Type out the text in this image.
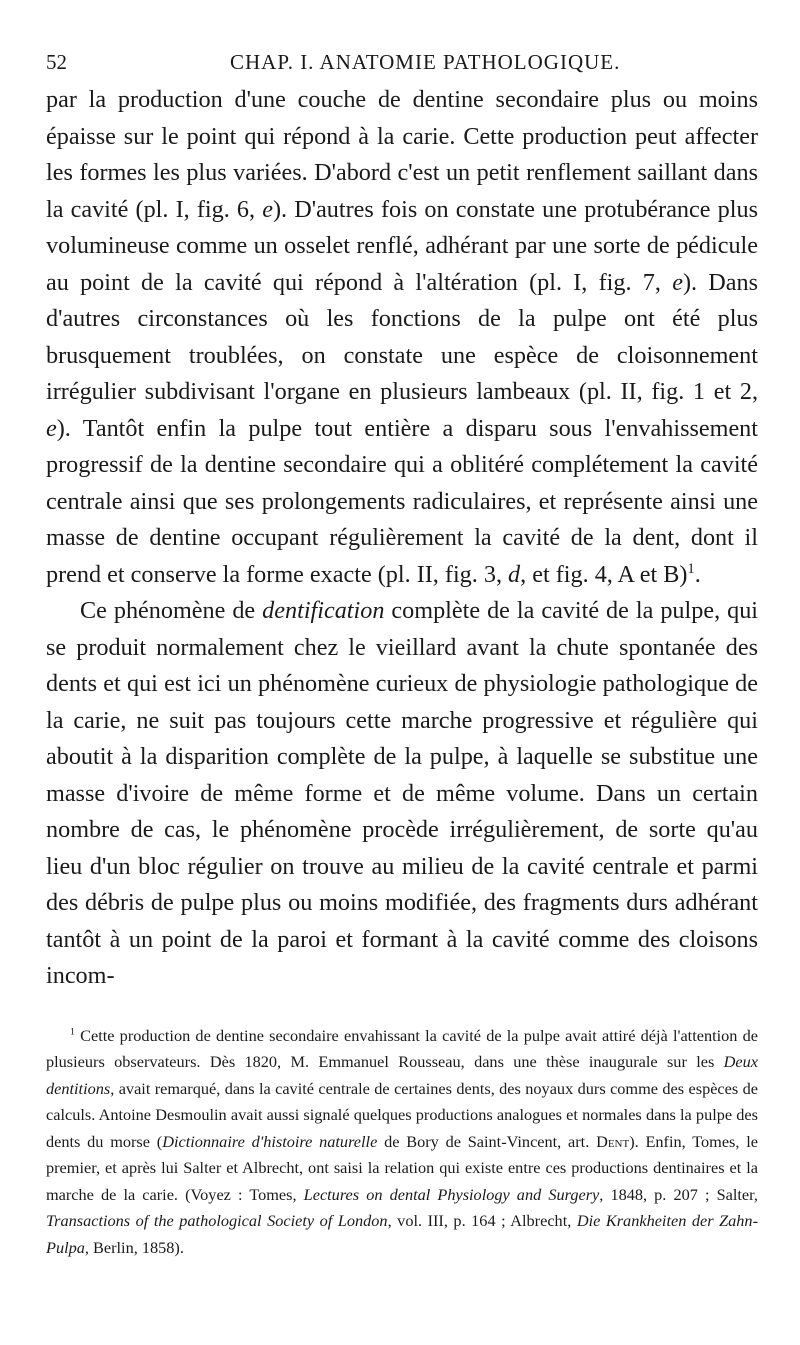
52	CHAP. I. ANATOMIE PATHOLOGIQUE.

par la production d'une couche de dentine secondaire plus ou moins épaisse sur le point qui répond à la carie. Cette production peut affecter les formes les plus variées. D'abord c'est un petit renflement saillant dans la cavité (pl. I, fig. 6, e). D'autres fois on constate une protubérance plus volumineuse comme un osselet renflé, adhérant par une sorte de pédicule au point de la cavité qui répond à l'altération (pl. I, fig. 7, e). Dans d'autres circonstances où les fonctions de la pulpe ont été plus brusquement troublées, on constate une espèce de cloisonnement irrégulier subdivisant l'organe en plusieurs lambeaux (pl. II, fig. 1 et 2, e). Tantôt enfin la pulpe tout entière a disparu sous l'envahissement progressif de la dentine secondaire qui a oblitéré complétement la cavité centrale ainsi que ses prolongements radiculaires, et représente ainsi une masse de dentine occupant régulièrement la cavité de la dent, dont il prend et conserve la forme exacte (pl. II, fig. 3, d, et fig. 4, A et B)$^1$.

Ce phénomène de dentification complète de la cavité de la pulpe, qui se produit normalement chez le vieillard avant la chute spontanée des dents et qui est ici un phénomène curieux de physiologie pathologique de la carie, ne suit pas toujours cette marche progressive et régulière qui aboutit à la disparition complète de la pulpe, à laquelle se substitue une masse d'ivoire de même forme et de même volume. Dans un certain nombre de cas, le phénomène procède irrégulièrement, de sorte qu'au lieu d'un bloc régulier on trouve au milieu de la cavité centrale et parmi des débris de pulpe plus ou moins modifiée, des fragments durs adhérant tantôt à un point de la paroi et formant à la cavité comme des cloisons incom-

$^1$ Cette production de dentine secondaire envahissant la cavité de la pulpe avait attiré déjà l'attention de plusieurs observateurs. Dès 1820, M. Emmanuel Rousseau, dans une thèse inaugurale sur les Deux dentitions, avait remarqué, dans la cavité centrale de certaines dents, des noyaux durs comme des espèces de calculs. Antoine Desmoulin avait aussi signalé quelques productions analogues et normales dans la pulpe des dents du morse (Dictionnaire d'histoire naturelle de Bory de Saint-Vincent, art. Dent). Enfin, Tomes, le premier, et après lui Salter et Albrecht, ont saisi la relation qui existe entre ces productions dentinaires et la marche de la carie. (Voyez : Tomes, Lectures on dental Physiology and Surgery, 1848, p. 207 ; Salter, Transactions of the pathological Society of London, vol. III, p. 164 ; Albrecht, Die Krankheiten der Zahn-Pulpa, Berlin, 1858).
